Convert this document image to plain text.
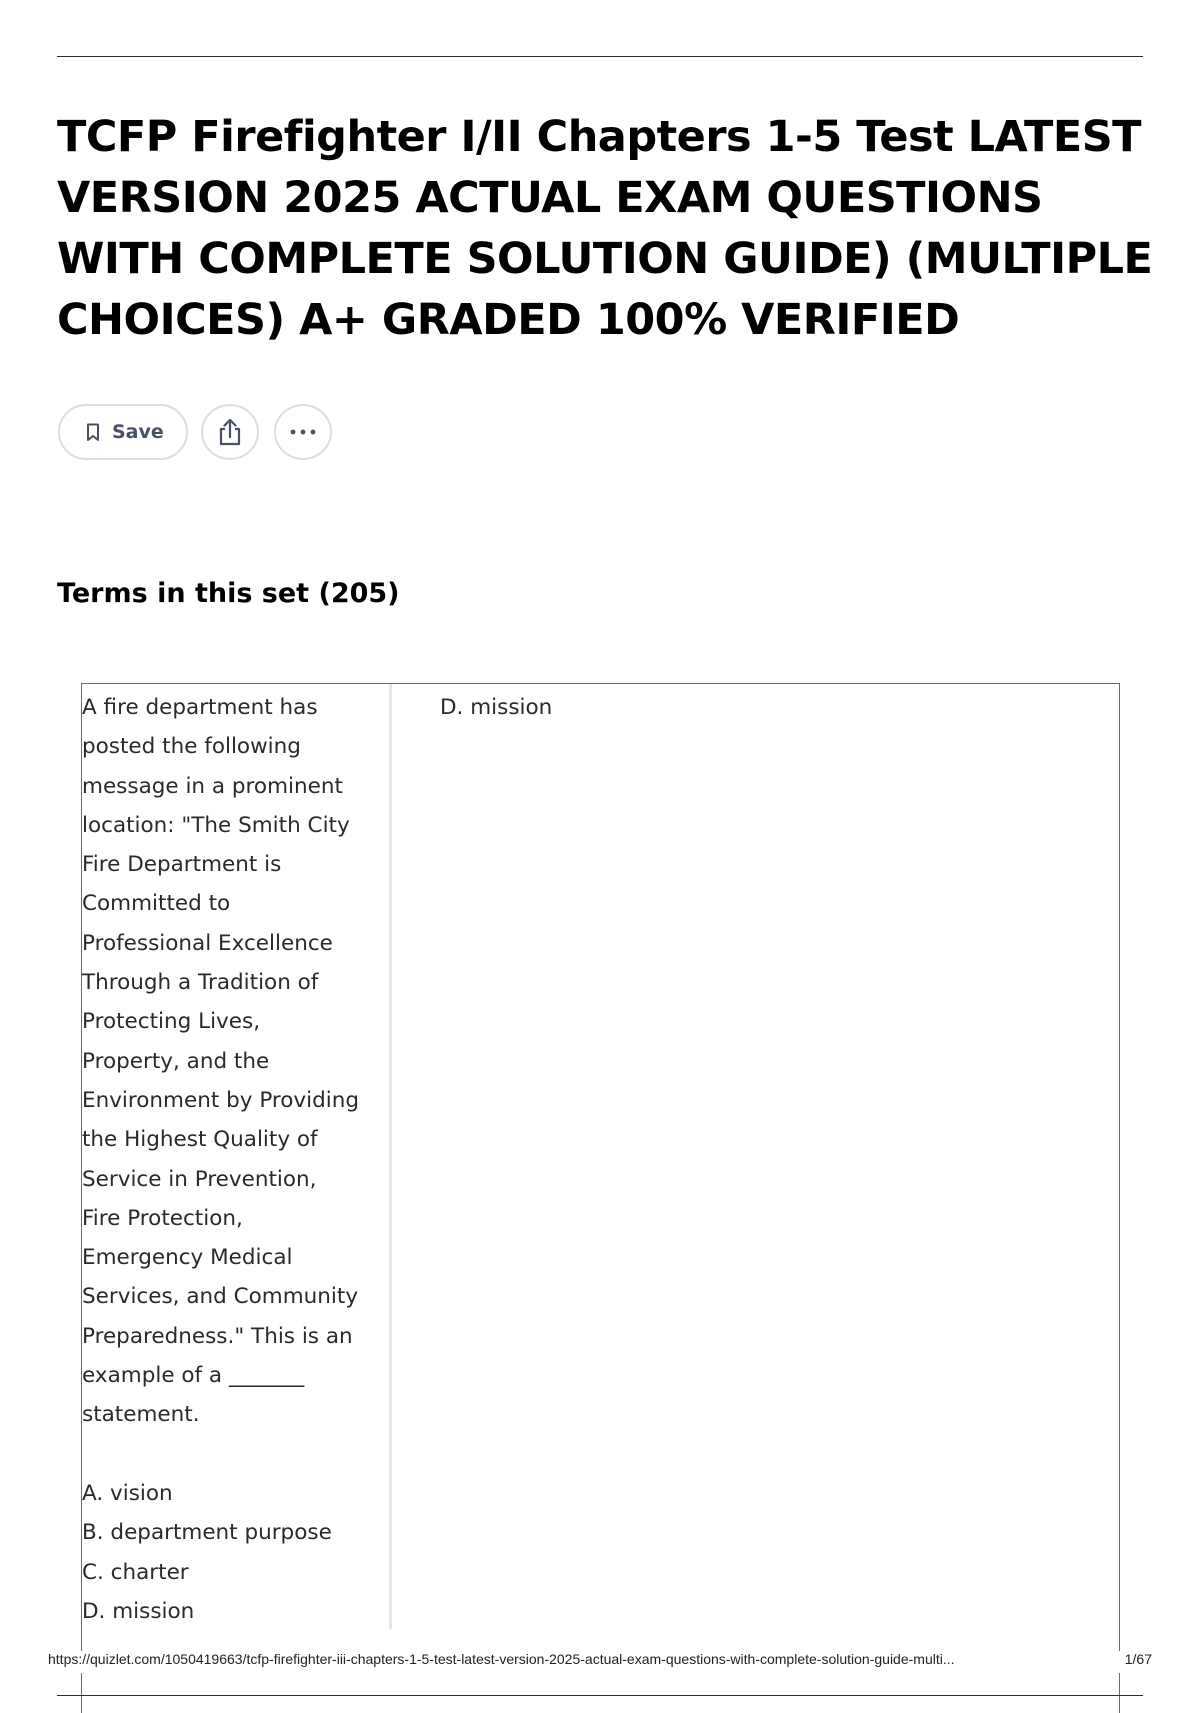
TCFP Firefighter I/II Chapters 1-5 Test LATEST
VERSION 2025 ACTUAL EXAM QUESTIONS
WITH COMPLETE SOLUTION GUIDE) (MULTIPLE
CHOICES) A+ GRADED 100% VERIFIED
Save
Terms in this set (205)
A fire department has
posted the following
message in a prominent
location: "The Smith City
Fire Department is
Committed to
Professional Excellence
Through a Tradition of
Protecting Lives,
Property, and the
Environment by Providing
the Highest Quality of
Service in Prevention,
Fire Protection,
Emergency Medical
Services, and Community
Preparedness." This is an
example of a _______
statement.
A. vision
B. department purpose
C. charter
D. mission
D. mission
https://quizlet.com/1050419663/tcfp-firefighter-iii-chapters-1-5-test-latest-version-2025-actual-exam-questions-with-complete-solution-guide-multi...	1/67
